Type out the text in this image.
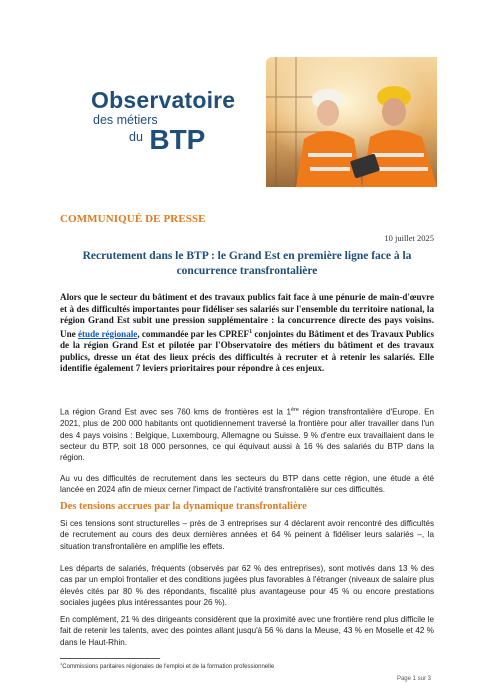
Observatoire
des métiers
$^{du}$ BTP
COMMUNIQUÉ DE PRESSE
10 juillet 2025
Recrutement dans le BTP : le Grand Est en première ligne face à la concurrence transfrontalière
Alors que le secteur du bâtiment et des travaux publics fait face à une pénurie de main-d'œuvre et à des difficultés importantes pour fidéliser ses salariés sur l'ensemble du territoire national, la région Grand Est subit une pression supplémentaire : la concurrence directe des pays voisins. Une étude régionale, commandée par les CPREF$^1$ conjointes du Bâtiment et des Travaux Publics de la région Grand Est et pilotée par l'Observatoire des métiers du bâtiment et des travaux publics, dresse un état des lieux précis des difficultés à recruter et à retenir les salariés. Elle identifie également 7 leviers prioritaires pour répondre à ces enjeux.
La région Grand Est avec ses 760 kms de frontières est la 1ère région transfrontalière d'Europe. En 2021, plus de 200 000 habitants ont quotidiennement traversé la frontière pour aller travailler dans l'un des 4 pays voisins : Belgique, Luxembourg, Allemagne ou Suisse. 9 % d'entre eux travaillaient dans le secteur du BTP, soit 18 000 personnes, ce qui équivaut aussi à 16 % des salariés du BTP dans la région.
Au vu des difficultés de recrutement dans les secteurs du BTP dans cette région, une étude a été lancée en 2024 afin de mieux cerner l'impact de l'activité transfrontalière sur ces difficultés.
Des tensions accrues par la dynamique transfrontalière
Si ces tensions sont structurelles – près de 3 entreprises sur 4 déclarent avoir rencontré des difficultés de recrutement au cours des deux dernières années et 64 % peinent à fidéliser leurs salariés –, la situation transfrontalière en amplifie les effets.
Les départs de salariés, fréquents (observés par 62 % des entreprises), sont motivés dans 13 % des cas par un emploi frontalier et des conditions jugées plus favorables à l'étranger (niveaux de salaire plus élevés cités par 80 % des répondants, fiscalité plus avantageuse pour 45 % ou encore prestations sociales jugées plus intéressantes pour 26 %).
En complément, 21 % des dirigeants considèrent que la proximité avec une frontière rend plus difficile le fait de retenir les talents, avec des pointes allant jusqu'à 56 % dans la Meuse, 43 % en Moselle et 42 % dans le Haut-Rhin.
$^1$Commissions paritaires régionales de l'emploi et de la formation professionnelle
Page 1 sur 3
